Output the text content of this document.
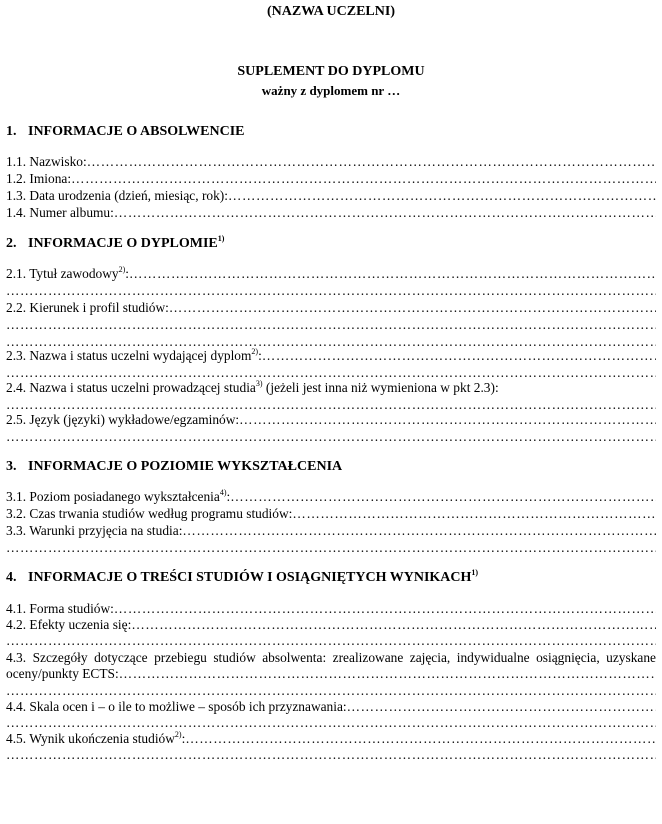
(NAZWA UCZELNI)
SUPLEMENT DO DYPLOMU
ważny z dyplomem nr …
1. INFORMACJE O ABSOLWENCIE
1.1. Nazwisko:
…………………………………………………………………………………………………………………………………………………………………………………………………
1.2. Imiona:
…………………………………………………………………………………………………………………………………………………………………………………………………
1.3. Data urodzenia (dzień, miesiąc, rok):
…………………………………………………………………………………………………………………………………………………………………………………………………
1.4. Numer albumu:
…………………………………………………………………………………………………………………………………………………………………………………………………
2. INFORMACJE O DYPLOMIE$^{1)}$
2.1. Tytuł zawodowy$^{2)}$:
…………………………………………………………………………………………………………………………………………………………………………………………………
…………………………………………………………………………………………………………………………………………………………………………………………………
2.2. Kierunek i profil studiów:
…………………………………………………………………………………………………………………………………………………………………………………………………
…………………………………………………………………………………………………………………………………………………………………………………………………
…………………………………………………………………………………………………………………………………………………………………………………………………
2.3. Nazwa i status uczelni wydającej dyplom$^{2)}$:
…………………………………………………………………………………………………………………………………………………………………………………………………
…………………………………………………………………………………………………………………………………………………………………………………………………
2.4. Nazwa i status uczelni prowadzącej studia$^{3)}$ (jeżeli jest inna niż wymieniona w pkt 2.3):
…………………………………………………………………………………………………………………………………………………………………………………………………
2.5. Język (języki) wykładowe/egzaminów:
…………………………………………………………………………………………………………………………………………………………………………………………………
…………………………………………………………………………………………………………………………………………………………………………………………………
3. INFORMACJE O POZIOMIE WYKSZTAŁCENIA
3.1. Poziom posiadanego wykształcenia$^{4)}$:
…………………………………………………………………………………………………………………………………………………………………………………………………
3.2. Czas trwania studiów według programu studiów:
…………………………………………………………………………………………………………………………………………………………………………………………………
3.3. Warunki przyjęcia na studia:
…………………………………………………………………………………………………………………………………………………………………………………………………
…………………………………………………………………………………………………………………………………………………………………………………………………
4. INFORMACJE O TREŚCI STUDIÓW I OSIĄGNIĘTYCH WYNIKACH$^{1)}$
4.1. Forma studiów:
…………………………………………………………………………………………………………………………………………………………………………………………………
4.2. Efekty uczenia się:
…………………………………………………………………………………………………………………………………………………………………………………………………
…………………………………………………………………………………………………………………………………………………………………………………………………
4.3. Szczegóły dotyczące przebiegu studiów absolwenta: zrealizowane zajęcia, indywidualne osiągnięcia, uzyskane
oceny/punkty ECTS:
…………………………………………………………………………………………………………………………………………………………………………………………………
…………………………………………………………………………………………………………………………………………………………………………………………………
4.4. Skala ocen i – o ile to możliwe – sposób ich przyznawania:
…………………………………………………………………………………………………………………………………………………………………………………………………
…………………………………………………………………………………………………………………………………………………………………………………………………
4.5. Wynik ukończenia studiów$^{2)}$:
…………………………………………………………………………………………………………………………………………………………………………………………………
…………………………………………………………………………………………………………………………………………………………………………………………………
